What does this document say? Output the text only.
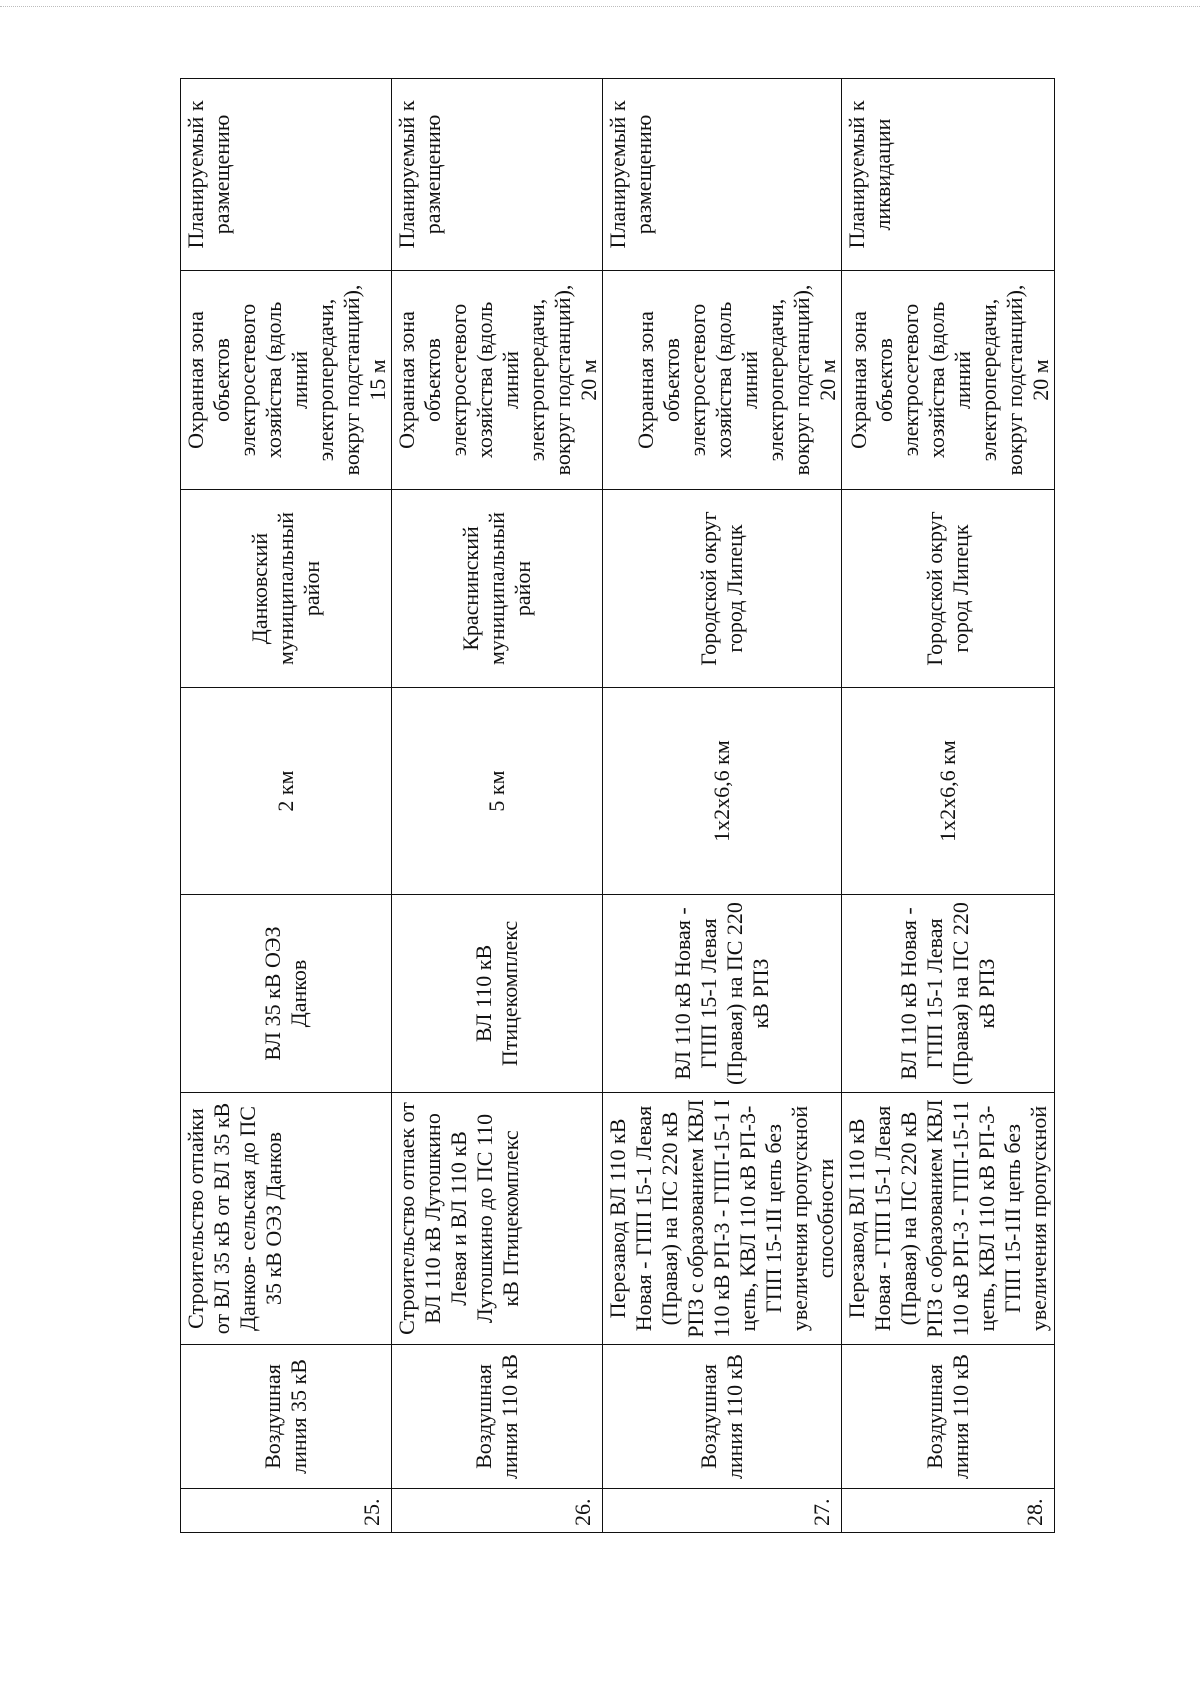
25.	Воздушная линия 35 кВ	Строительство отпайки от ВЛ 35 кВ от ВЛ 35 кВ Данков- сельская до ПС 35 кВ ОЭЗ Данков	ВЛ 35 кВ ОЭЗ Данков	2 км	Данковский муниципальный район	Охранная зона объектов электросетевого хозяйства (вдоль линий электропередачи, вокруг подстанций), 15 м	Планируемый к размещению
26.	Воздушная линия 110 кВ	Строительство отпаек от ВЛ 110 кВ Лутошкино Левая и ВЛ 110 кВ Лутошкино до ПС 110 кВ Птицекомплекс	ВЛ 110 кВ Птицекомплекс	5 км	Краснинский муниципальный район	Охранная зона объектов электросетевого хозяйства (вдоль линий электропередачи, вокруг подстанций), 20 м	Планируемый к размещению
27.	Воздушная линия 110 кВ	Перезавод ВЛ 110 кВ Новая - ГПП 15-1 Левая (Правая) на ПС 220 кВ РПЗ с образованием КВЛ 110 кВ РП-3 - ГПП-15-1 I цепь, КВЛ 110 кВ РП-3-ГПП 15-1II цепь без увеличения пропускной способности	ВЛ 110 кВ Новая - ГПП 15-1 Левая (Правая) на ПС 220 кВ РПЗ	1x2x6,6 км	Городской округ город Липецк	Охранная зона объектов электросетевого хозяйства (вдоль линий электропередачи, вокруг подстанций), 20 м	Планируемый к размещению
28.	Воздушная линия 110 кВ	Перезавод ВЛ 110 кВ Новая - ГПП 15-1 Левая (Правая) на ПС 220 кВ РПЗ с образованием КВЛ 110 кВ РП-3 - ГПП-15-11 цепь, КВЛ 110 кВ РП-3-ГПП 15-1II цепь без увеличения пропускной	ВЛ 110 кВ Новая - ГПП 15-1 Левая (Правая) на ПС 220 кВ РПЗ	1x2x6,6 км	Городской округ город Липецк	Охранная зона объектов электросетевого хозяйства (вдоль линий электропередачи, вокруг подстанций), 20 м	Планируемый к ликвидации
